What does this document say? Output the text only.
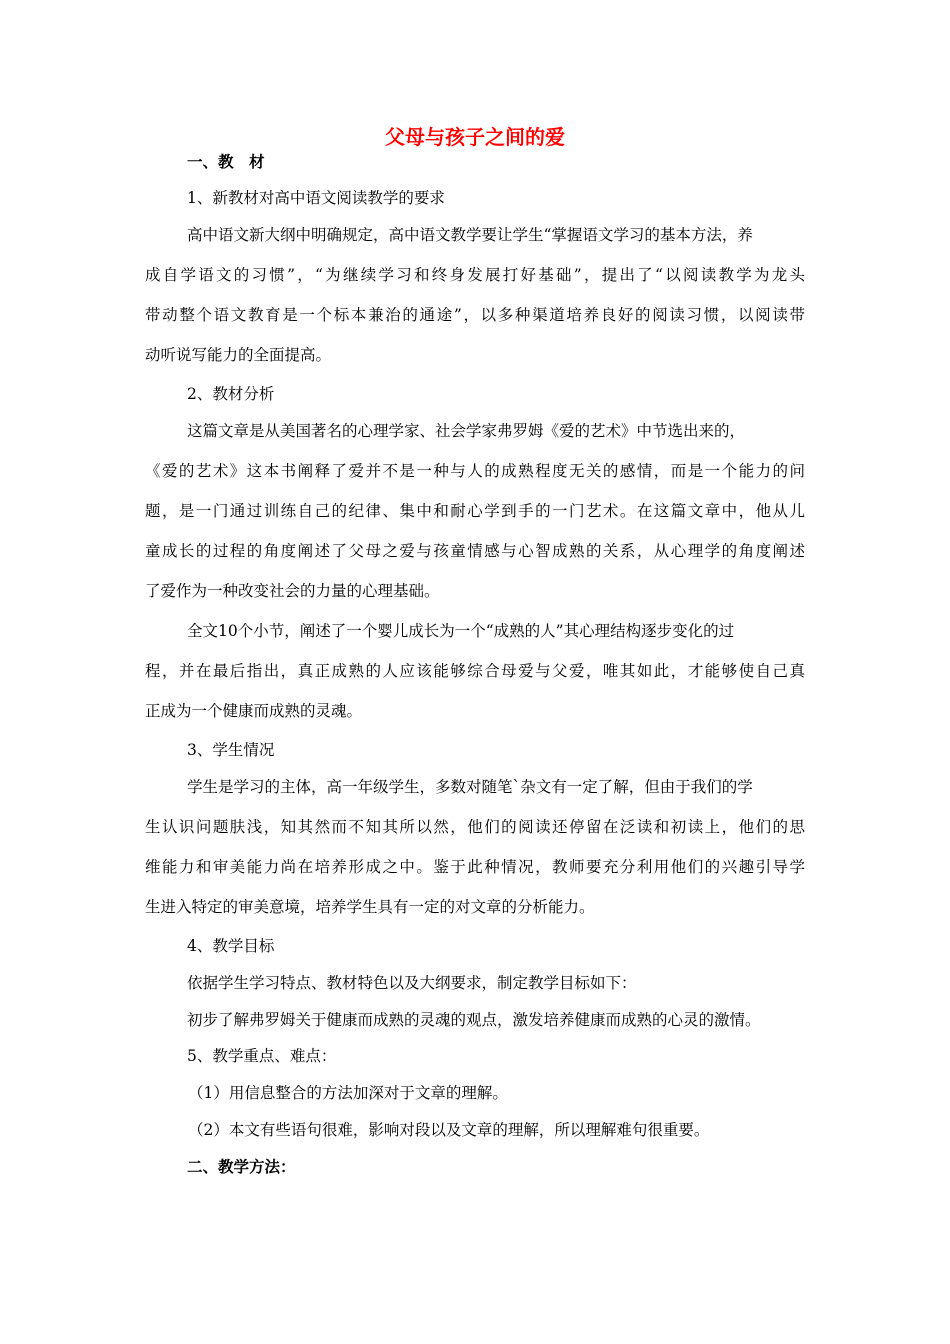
父母与孩子之间的爱

一、教　材

1、新教材对高中语文阅读教学的要求

高中语文新大纲中明确规定，高中语文教学要让学生“掌握语文学习的基本方法，养

成自学语文的习惯”，“为继续学习和终身发展打好基础”，提出了“以阅读教学为龙头

带动整个语文教育是一个标本兼治的通途”，以多种渠道培养良好的阅读习惯，以阅读带

动听说写能力的全面提高。

2、教材分析

这篇文章是从美国著名的心理学家、社会学家弗罗姆《爱的艺术》中节选出来的，

《爱的艺术》这本书阐释了爱并不是一种与人的成熟程度无关的感情，而是一个能力的问

题，是一门通过训练自己的纪律、集中和耐心学到手的一门艺术。在这篇文章中，他从儿

童成长的过程的角度阐述了父母之爱与孩童情感与心智成熟的关系，从心理学的角度阐述

了爱作为一种改变社会的力量的心理基础。

全文10个小节，阐述了一个婴儿成长为一个“成熟的人”其心理结构逐步变化的过

程，并在最后指出，真正成熟的人应该能够综合母爱与父爱，唯其如此，才能够使自己真

正成为一个健康而成熟的灵魂。

3、学生情况

学生是学习的主体，高一年级学生，多数对随笔`杂文有一定了解，但由于我们的学

生认识问题肤浅，知其然而不知其所以然，他们的阅读还停留在泛读和初读上，他们的思

维能力和审美能力尚在培养形成之中。鉴于此种情况，教师要充分利用他们的兴趣引导学

生进入特定的审美意境，培养学生具有一定的对文章的分析能力。

4、教学目标

依据学生学习特点、教材特色以及大纲要求，制定教学目标如下：

初步了解弗罗姆关于健康而成熟的灵魂的观点，激发培养健康而成熟的心灵的激情。

5、教学重点、难点：

（1）用信息整合的方法加深对于文章的理解。

（2）本文有些语句很难，影响对段以及文章的理解，所以理解难句很重要。

二、教学方法：
